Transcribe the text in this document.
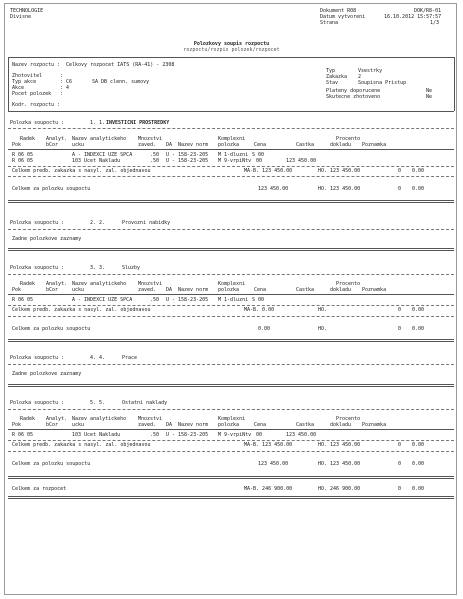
TECHNOLOGIE
Divisne
Dokument R08	DOK/R8-01
Datum vytvoreni	16.10.2012 15:57:57
Strana	1/3
Polozkovy soupis rozpoctu
rozpoctu/rozpis polozek/rozpocet
Nazev rozpoctu : Celkovy rozpocet IATS (RA-41) - 2308
Typ	Vsestrky
Zakazka 2
Stav	Soupisna Pristup
Zhotovitel	:
Typ akce	: C6	SA DB clenn. sumovy
Akce	: 4
Pocet polozek :	Plateny doporucene	Ne
Skutecne zhotoveno	Ne
Kodr. rozpoctu :
Polozka soupoctu :	1. 1. INVESTICNI PROSTREDKY
Radek Analyt. Nazev analytickeho Mnozstvi	Komplexni	Procento
Pok	bCor	ucku	zaved. DA Nazev norm polozka	Cena	Castka	dokladu Poznamka
R 06 05	A - INDEXCI UZE SPCA	.50 U - 158-23-205 M 1-dluzni S 00
R 06 05	103 Ucet Nakladu	.50 U - 158-23-205 M 9-vrpiNtv 00	123 450.00
Celkem predb. zakazka s nasyl. zal. objednavou	MA-B. 123 450.00	HO. 123 450.00	0 0.00
Celkem za polozku soupoctu	123 450.00	HO. 123 450.00	0 0.00
Polozka soupoctu :	2. 2.	Provozni nabidky
Zadne polozkove zaznamy
Polozka soupoctu :	3. 3.	Sluzby
Radek Analyt. Nazev analytickeho Mnozstvi	Komplexni	Procento
Pok	bCor	ucku	zaved. DA Nazev norm polozka	Cena	Castka	dokladu Poznamka
R 06 05	A - INDEXCI UZE SPCA	.50 U - 158-23-205 M 1-dluzni S 00
Celkem predb. zakazka s nasyl. zal. objednavou	MA-B. 0.00	HO.	0 0.00
Celkem za polozku soupoctu	0.00	HO.	0 0.00
Polozka soupoctu :	4. 4.	Prace
Zadne polozkove zaznamy
Polozka soupoctu :	5. 5.	Ostatni naklady
Radek Analyt. Nazev analytickeho Mnozstvi	Komplexni	Procento
Pok	bCor	ucku	zaved. DA Nazev norm polozka	Cena	Castka	dokladu Poznamka
R 06 05	103 Ucet Nakladu	.50 U - 158-23-205 M 9-vrpiNtv 00	123 450.00
Celkem predb. zakazka s nasyl. zal. objednavou	MA-B. 123 450.00	HO. 123 450.00	0 0.00
Celkem za polozku soupoctu	123 450.00	HO. 123 450.00	0 0.00
Celkem za rozpocet	MA-B. 246 900.00	HO. 246 900.00	0 0.00
